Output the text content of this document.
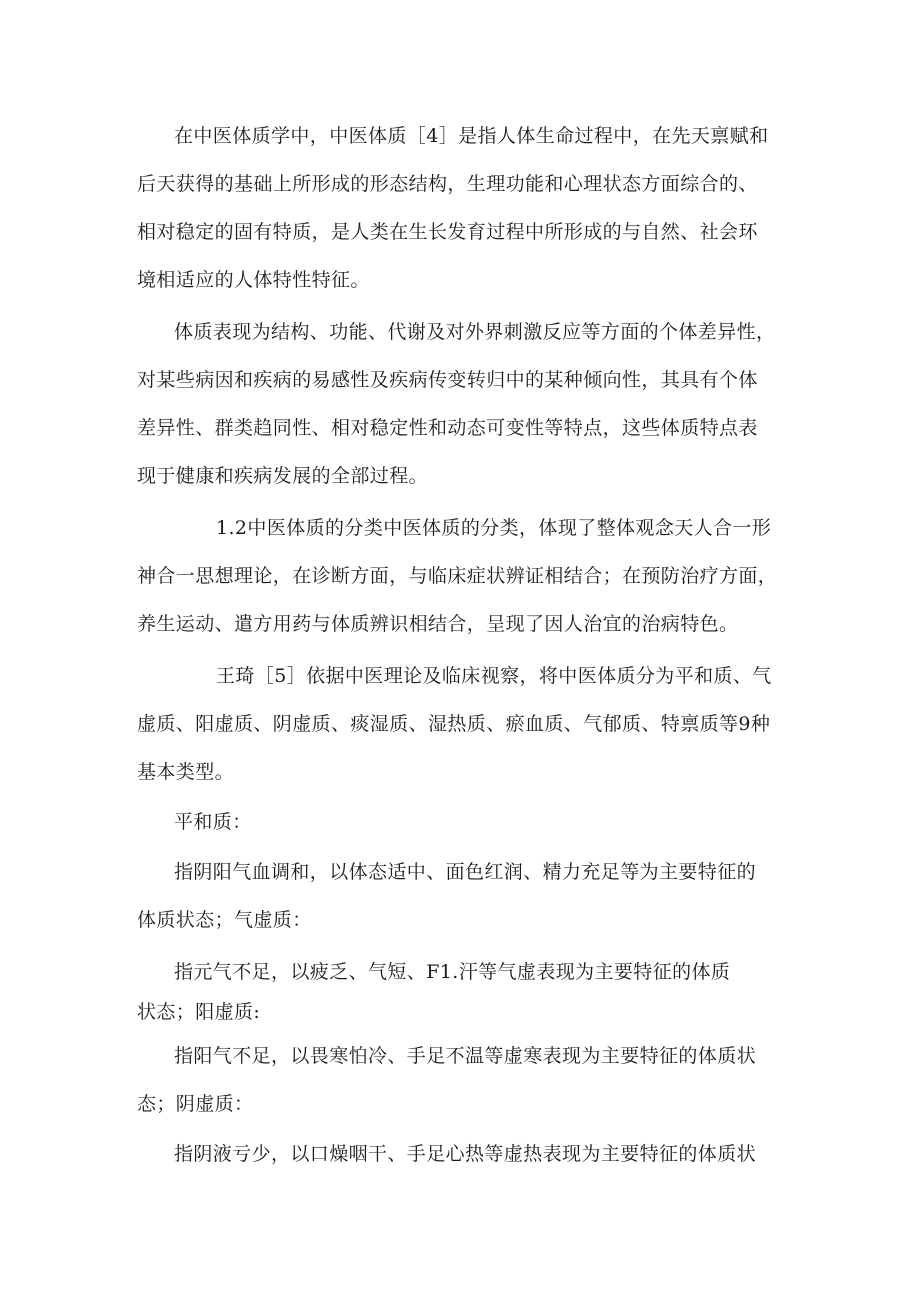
在中医体质学中，中医体质［4］是指人体生命过程中，在先天禀赋和
后天获得的基础上所形成的形态结构，生理功能和心理状态方面综合的、
相对稳定的固有特质，是人类在生长发育过程中所形成的与自然、社会环
境相适应的人体特性特征。
体质表现为结构、功能、代谢及对外界刺激反应等方面的个体差异性，
对某些病因和疾病的易感性及疾病传变转归中的某种倾向性，其具有个体
差异性、群类趋同性、相对稳定性和动态可变性等特点，这些体质特点表
现于健康和疾病发展的全部过程。
1.2中医体质的分类中医体质的分类，体现了整体观念天人合一形
神合一思想理论，在诊断方面，与临床症状辨证相结合；在预防治疗方面，
养生运动、遣方用药与体质辨识相结合，呈现了因人治宜的治病特色。
王琦［5］依据中医理论及临床视察，将中医体质分为平和质、气
虚质、阳虚质、阴虚质、痰湿质、湿热质、瘀血质、气郁质、特禀质等9种
基本类型。
平和质：
指阴阳气血调和，以体态适中、面色红润、精力充足等为主要特征的
体质状态；气虚质：
指元气不足，以疲乏、气短、F1.汗等气虚表现为主要特征的体质
状态；阳虚质:
指阳气不足，以畏寒怕冷、手足不温等虚寒表现为主要特征的体质状
态；阴虚质：
指阴液亏少，以口燥咽干、手足心热等虚热表现为主要特征的体质状
